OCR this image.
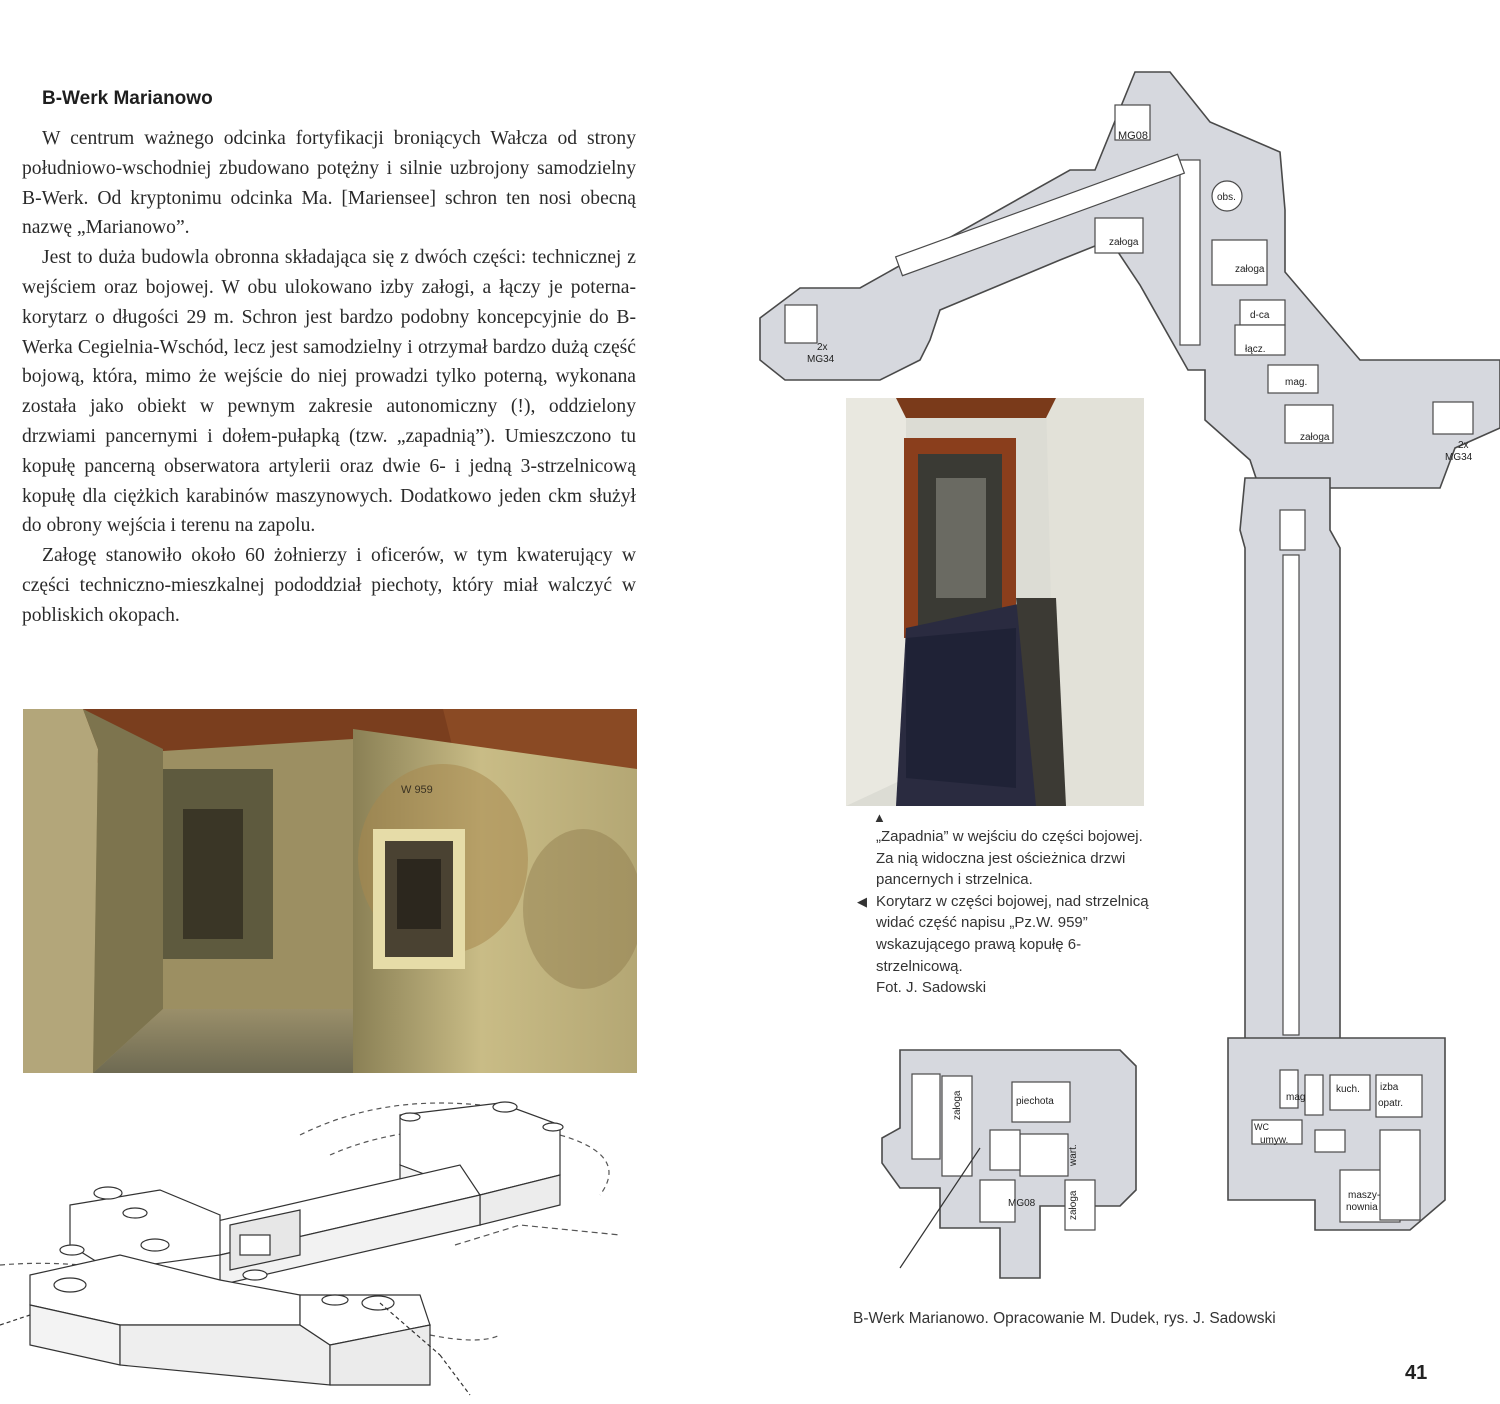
B-Werk Marianowo

W centrum ważnego odcinka fortyfikacji broniących Wałcza od strony południowo-wschodniej zbudowano potężny i silnie uzbrojony samodzielny B-Werk. Od kryptonimu odcinka Ma. [Mariensee] schron ten nosi obecną nazwę „Marianowo”.

Jest to duża budowla obronna składająca się z dwóch części: technicznej z wejściem oraz bojowej. W obu ulokowano izby załogi, a łączy je poterna-korytarz o długości 29 m. Schron jest bardzo podobny koncepcyjnie do B-Werka Cegielnia-Wschód, lecz jest samodzielny i otrzymał bardzo dużą część bojową, która, mimo że wejście do niej prowadzi tylko poterną, wykonana została jako obiekt w pewnym zakresie autonomiczny (!), oddzielony drzwiami pancernymi i dołem-pułapką (tzw. „zapadnią”). Umieszczono tu kopułę pancerną obserwatora artylerii oraz dwie 6- i jedną 3-strzelnicową kopułę dla ciężkich karabinów maszynowych. Dodatkowo jeden ckm służył do obrony wejścia i terenu na zapolu.

Załogę stanowiło około 60 żołnierzy i oficerów, w tym kwaterujący w części techniczno-mieszkalnej pododdział piechoty, który miał walczyć w pobliskich okopach.

W 959
▲

„Zapadnia” w wejściu do części bojowej. Za nią widoczna jest ościeżnica drzwi pancernych i strzelnica.

◀ Korytarz w części bojowej, nad strzelnicą widać część napisu „Pz.W. 959” wskazującego prawą kopułę 6-strzelnicową.

Fot. J. Sadowski

MG08
obs.
załoga
załoga
d-ca
łącz.
mag.
załoga
2x
MG34
2x
MG34
mag
kuch. izba
opatr.
WC
umyw.
maszy-
nownia
piechota
załoga
wart.
MG08	załoga
B-Werk Marianowo. Opracowanie M. Dudek, rys. J. Sadowski
41
